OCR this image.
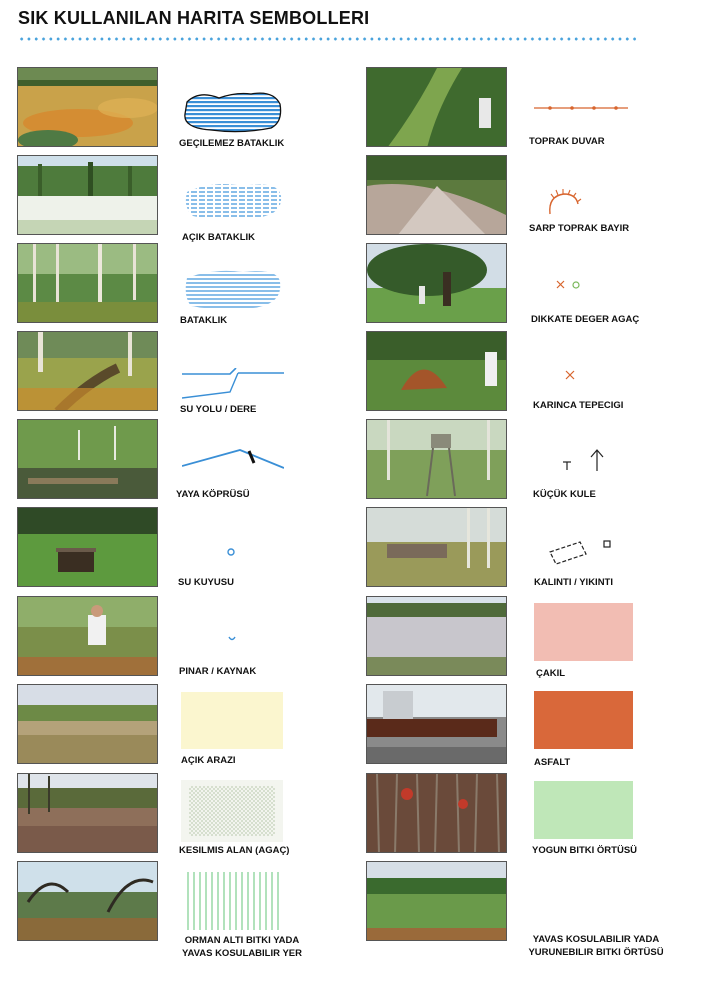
SIK KULLANILAN HARITA SEMBOLLERI
GEÇILEMEZ BATAKLIK
AÇIK BATAKLIK
BATAKLIK
SU YOLU / DERE
YAYA KÖPRÜSÜ
SU KUYUSU
PINAR / KAYNAK
AÇIK ARAZI
KESILMIS ALAN (AGAÇ)
ORMAN ALTI BITKI YADA
YAVAS KOSULABILIR YER
TOPRAK DUVAR
SARP TOPRAK BAYIR
DIKKATE DEGER AGAÇ
KARINCA TEPECIGI
KÜÇÜK KULE
KALINTI / YIKINTI
ÇAKIL
ASFALT
YOGUN BITKI ÖRTÜSÜ
YAVAS KOSULABILIR YADA
YURUNEBILIR BITKI ÖRTÜSÜ
